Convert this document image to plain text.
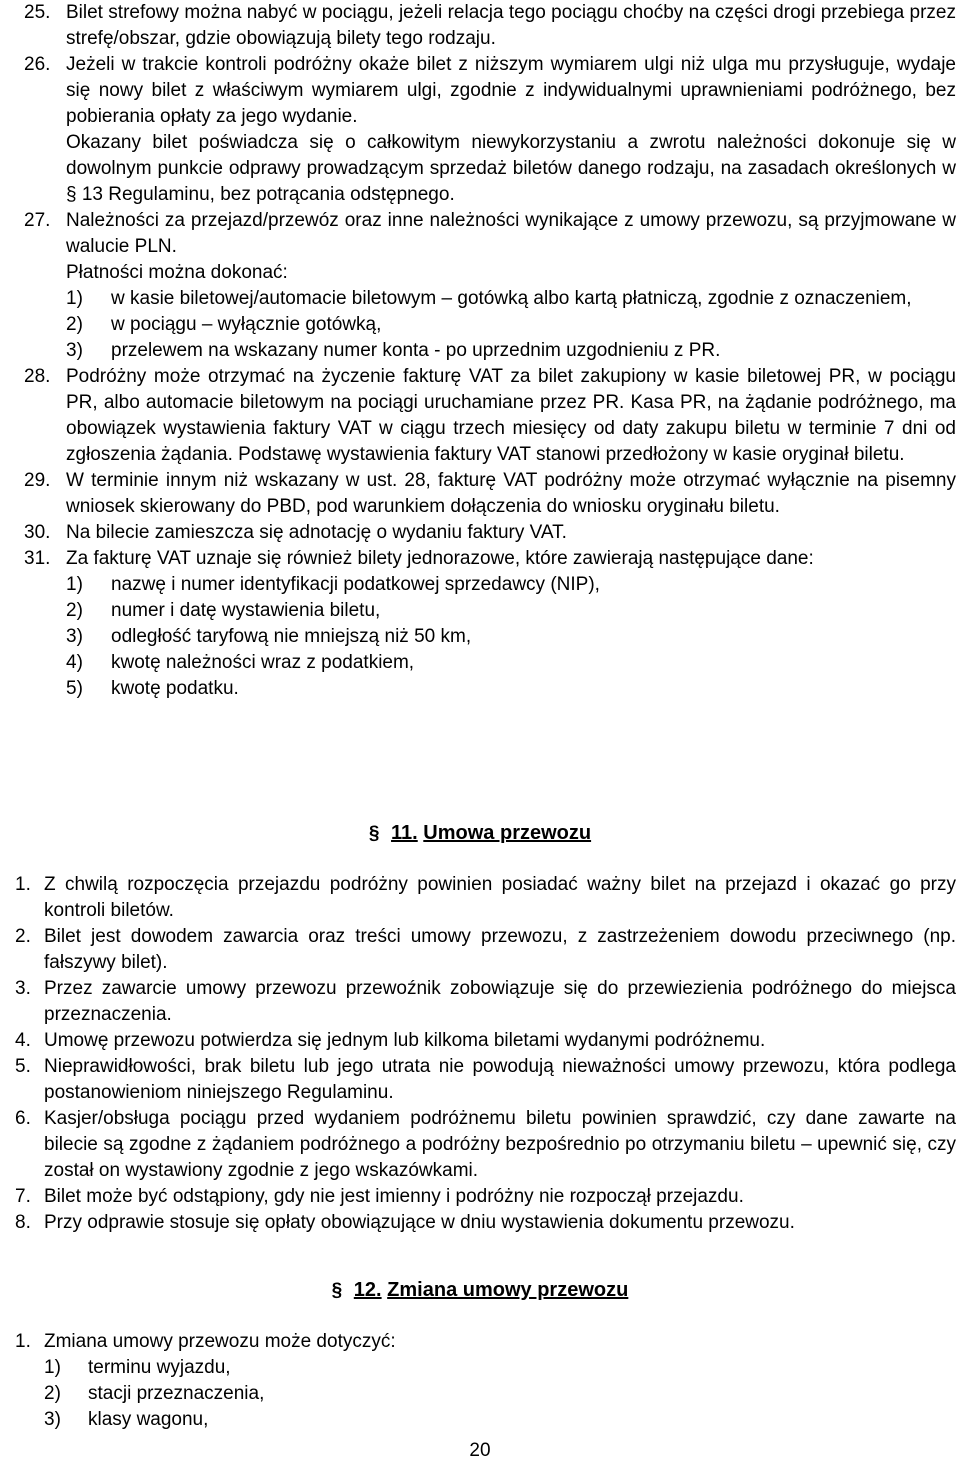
25. Bilet strefowy można nabyć w pociągu, jeżeli relacja tego pociągu choćby na części drogi przebiega przez strefę/obszar, gdzie obowiązują bilety tego rodzaju.
26. Jeżeli w trakcie kontroli podróżny okaże bilet z niższym wymiarem ulgi niż ulga mu przysługuje, wydaje się nowy bilet z właściwym wymiarem ulgi, zgodnie z indywidualnymi uprawnieniami podróżnego, bez pobierania opłaty za jego wydanie.
Okazany bilet poświadcza się o całkowitym niewykorzystaniu a zwrotu należności dokonuje się w dowolnym punkcie odprawy prowadzącym sprzedaż biletów danego rodzaju, na zasadach określonych w § 13 Regulaminu, bez potrącania odstępnego.
27. Należności za przejazd/przewóz oraz inne należności wynikające z umowy przewozu, są przyjmowane w walucie PLN.
Płatności można dokonać:
1) w kasie biletowej/automacie biletowym – gotówką albo kartą płatniczą, zgodnie z oznaczeniem,
2) w pociągu – wyłącznie gotówką,
3) przelewem na wskazany numer konta - po uprzednim uzgodnieniu z PR.
28. Podróżny może otrzymać na życzenie fakturę VAT za bilet zakupiony w kasie biletowej PR, w pociągu PR, albo automacie biletowym na pociągi uruchamiane przez PR. Kasa PR, na żądanie podróżnego, ma obowiązek wystawienia faktury VAT w ciągu trzech miesięcy od daty zakupu biletu w terminie 7 dni od zgłoszenia żądania. Podstawę wystawienia faktury VAT stanowi przedłożony w kasie oryginał biletu.
29. W terminie innym niż wskazany w ust. 28, fakturę VAT podróżny może otrzymać wyłącznie na pisemny wniosek skierowany do PBD, pod warunkiem dołączenia do wniosku oryginału biletu.
30. Na bilecie zamieszcza się adnotację o wydaniu faktury VAT.
31. Za fakturę VAT uznaje się również bilety jednorazowe, które zawierają następujące dane:
1) nazwę i numer identyfikacji podatkowej sprzedawcy (NIP),
2) numer i datę wystawienia biletu,
3) odległość taryfową nie mniejszą niż 50 km,
4) kwotę należności wraz z podatkiem,
5) kwotę podatku.
§ 11. Umowa przewozu
1. Z chwilą rozpoczęcia przejazdu podróżny powinien posiadać ważny bilet na przejazd i okazać go przy kontroli biletów.
2. Bilet jest dowodem zawarcia oraz treści umowy przewozu, z zastrzeżeniem dowodu przeciwnego (np. fałszywy bilet).
3. Przez zawarcie umowy przewozu przewoźnik zobowiązuje się do przewiezienia podróżnego do miejsca przeznaczenia.
4. Umowę przewozu potwierdza się jednym lub kilkoma biletami wydanymi podróżnemu.
5. Nieprawidłowości, brak biletu lub jego utrata nie powodują nieważności umowy przewozu, która podlega postanowieniom niniejszego Regulaminu.
6. Kasjer/obsługa pociągu przed wydaniem podróżnemu biletu powinien sprawdzić, czy dane zawarte na bilecie są zgodne z żądaniem podróżnego a podróżny bezpośrednio po otrzymaniu biletu – upewnić się, czy został on wystawiony zgodnie z jego wskazówkami.
7. Bilet może być odstąpiony, gdy nie jest imienny i podróżny nie rozpoczął przejazdu.
8. Przy odprawie stosuje się opłaty obowiązujące w dniu wystawienia dokumentu przewozu.
§ 12. Zmiana umowy przewozu
1. Zmiana umowy przewozu może dotyczyć:
1) terminu wyjazdu,
2) stacji przeznaczenia,
3) klasy wagonu,
20
